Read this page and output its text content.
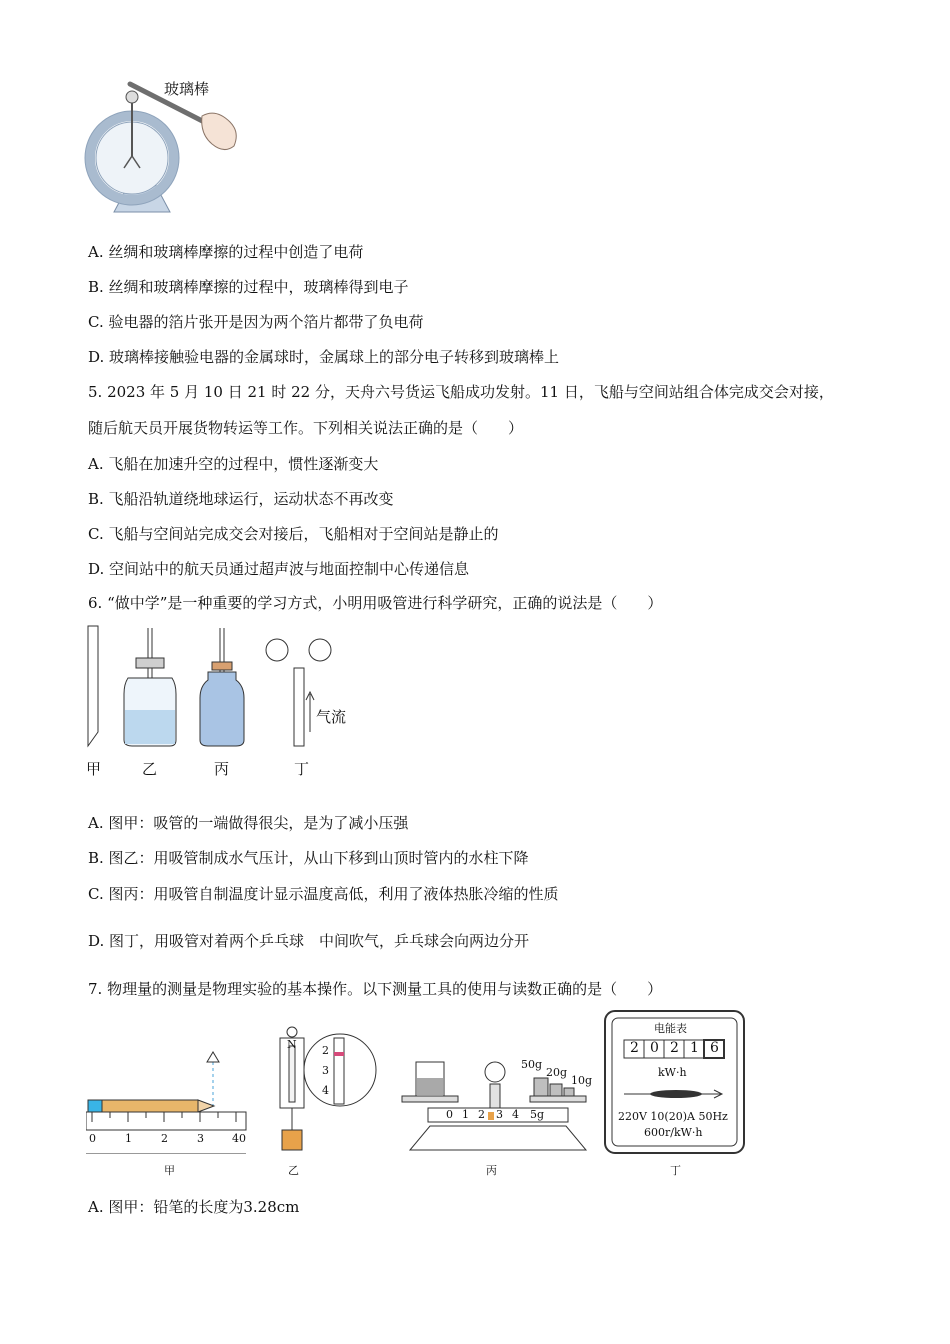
玻璃棒
A. 丝绸和玻璃棒摩擦的过程中创造了电荷
B. 丝绸和玻璃棒摩擦的过程中，玻璃棒得到电子
C. 验电器的箔片张开是因为两个箔片都带了负电荷
D. 玻璃棒接触验电器的金属球时，金属球上的部分电子转移到玻璃棒上
5. 2023 年 5 月 10 日 21 时 22 分，天舟六号货运飞船成功发射。11 日，飞船与空间站组合体完成交会对接，
随后航天员开展货物转运等工作。下列相关说法正确的是（　　）
A. 飞船在加速升空的过程中，惯性逐渐变大
B. 飞船沿轨道绕地球运行，运动状态不再改变
C. 飞船与空间站完成交会对接后，飞船相对于空间站是静止的
D. 空间站中的航天员通过超声波与地面控制中心传递信息
6. “做中学”是一种重要的学习方式，小明用吸管进行科学研究，正确的说法是（　　）
气流
甲	乙	丙	丁
A. 图甲：吸管的一端做得很尖，是为了减小压强
B. 图乙：用吸管制成水气压计，从山下移到山顶时管内的水柱下降
C. 图丙：用吸管自制温度计显示温度高低，利用了液体热胀冷缩的性质
D. 图丁，用吸管对着两个乒乓球　中间吹气，乒乓球会向两边分开
7. 物理量的测量是物理实验的基本操作。以下测量工具的使用与读数正确的是（　　）
0	1	2	3	40
甲
N 2
3
4
乙
50g
20g
10g
0 1 2 3 4 5g
丙
电能表
2 0 2 1 6
kW·h
220V 10(20)A 50Hz
600r/kW·h
丁
A. 图甲：铅笔的长度为3.28cm
